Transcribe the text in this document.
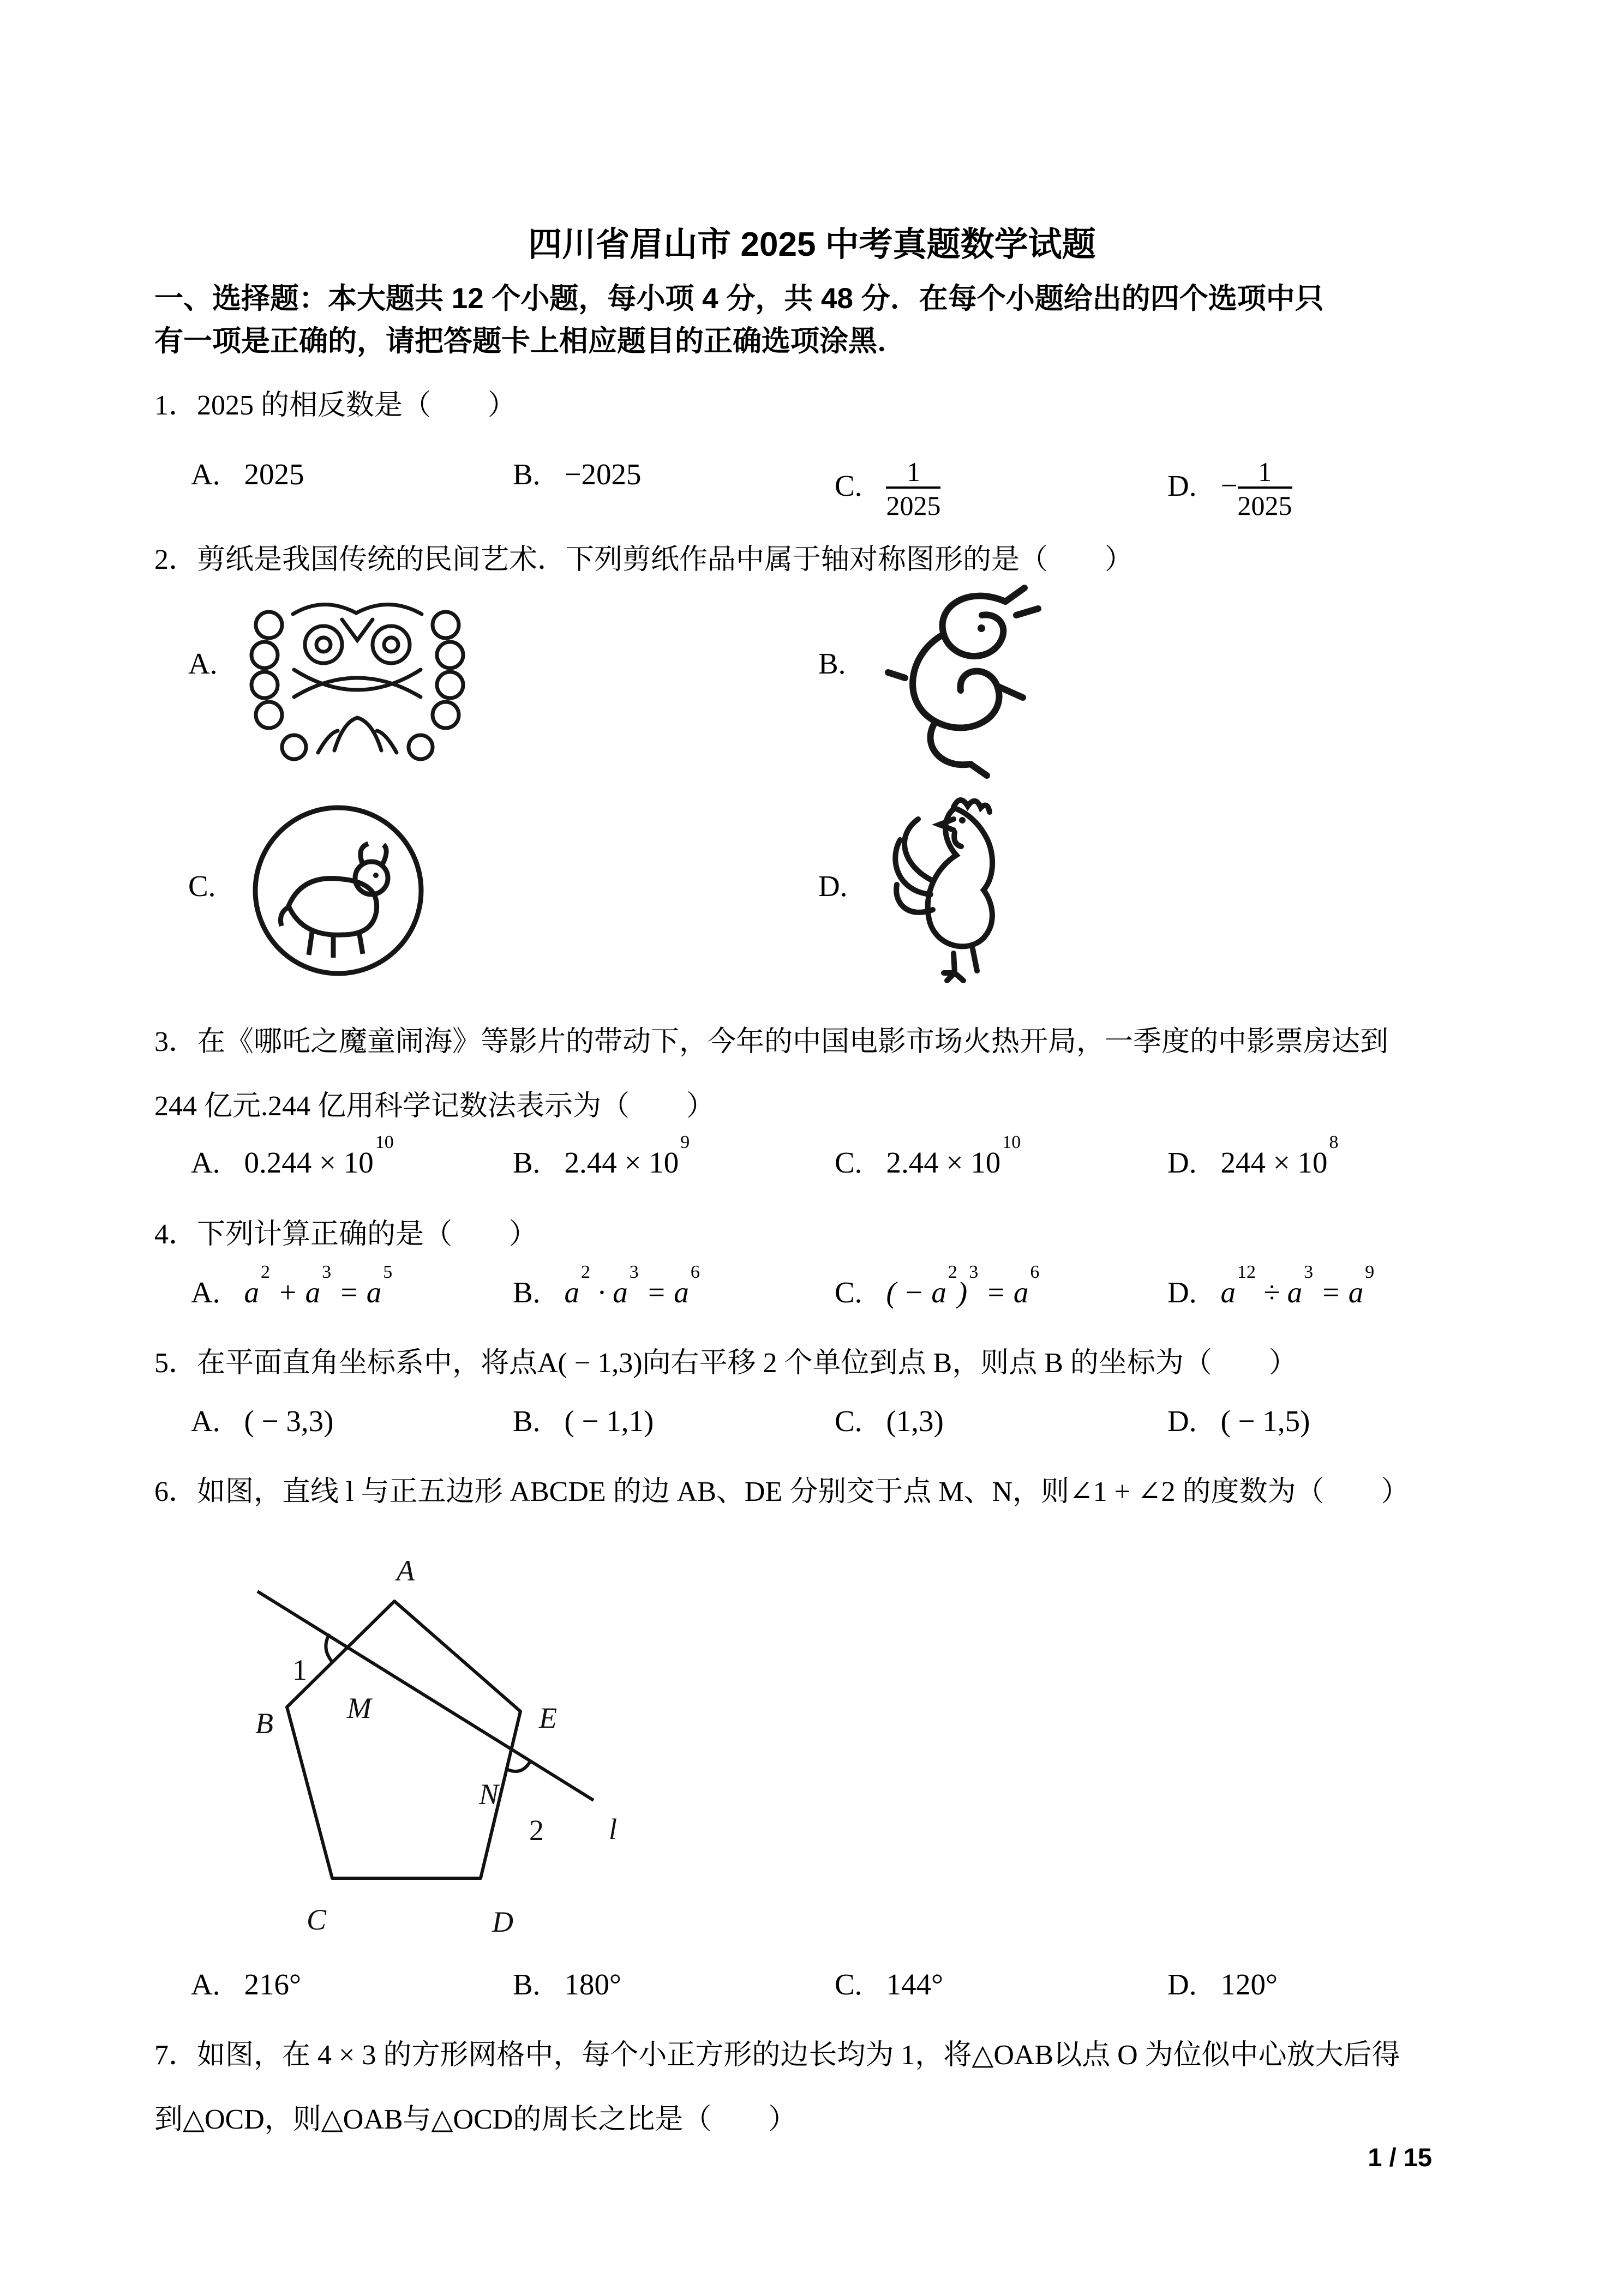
四川省眉山市 2025 中考真题数学试题
一、选择题：本大题共 12 个小题，每小项 4 分，共 48 分．在每个小题给出的四个选项中只
有一项是正确的，请把答题卡上相应题目的正确选项涂黑．
1．2025 的相反数是（　　）
A. 2025	B. −2025	C. $\frac{1}{2025}$	D. − $\frac{1}{2025}$
2．剪纸是我国传统的民间艺术．下列剪纸作品中属于轴对称图形的是（　　）
A.	B.
C.	D.
3．在《哪吒之魔童闹海》等影片的带动下，今年的中国电影市场火热开局，一季度的中影票房达到
244 亿元.244 亿用科学记数法表示为（　　）
A. $0.244 \times 10^{10}$
B. $2.44 \times 10^9$
C. $2.44 \times 10^{10}$
D. $244 \times 10^8$
4．下列计算正确的是（　　）
A. $a^2 + a^3 = a^5$
B. $a^2 \cdot a^3 = a^6$
C. ( − $a^2)^3 = a^6$
D. $a^{12} \div a^3 = a^9$
5．在平面直角坐标系中，将点A( − 1,3)向右平移 2 个单位到点 B，则点 B 的坐标为（　　）
A. ( − 3,3)	B. ( − 1,1)	C. (1,3)	D. ( − 1,5)
6．如图，直线 l 与正五边形 ABCDE 的边 AB、DE 分别交于点 M、N，则∠1 + ∠2 的度数为（　　）
A
B
C	D
E
M
N
1
2 l
A. 216°	B. 180°	C. 144°	D. 120°
7．如图，在 4 × 3 的方形网格中，每个小正方形的边长均为 1，将△OAB以点 O 为位似中心放大后得
到△OCD，则△OAB与△OCD的周长之比是（　　）
1 / 15
